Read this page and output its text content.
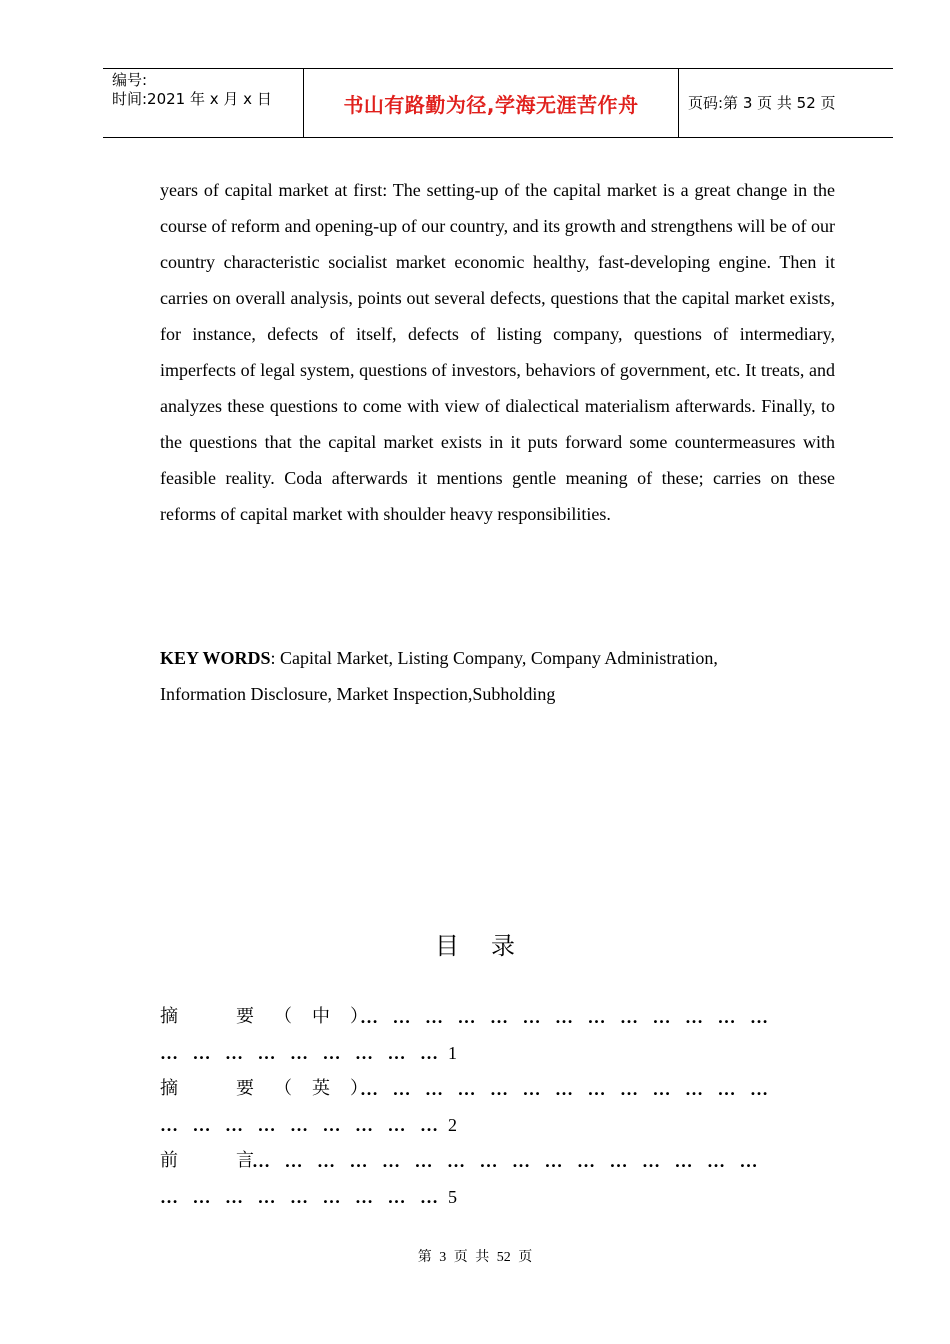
编号:
时间:2021 年 x 月 x 日	书山有路勤为径,学海无涯苦作舟	页码:第 3 页 共 52 页

years of capital market at first: The setting-up of the capital market is a great change in the course of reform and opening-up of our country, and its growth and strengthens will be of our country characteristic socialist market economic healthy, fast-developing engine. Then it carries on overall analysis, points out several defects, questions that the capital market exists, for instance, defects of itself, defects of listing company, questions of intermediary, imperfects of legal system, questions of investors, behaviors of government, etc. It treats, and analyzes these questions to come with view of dialectical materialism afterwards. Finally, to the questions that the capital market exists in it puts forward some countermeasures with feasible reality. Coda afterwards it mentions gentle meaning of these; carries on these reforms of capital market with shoulder heavy responsibilities.

KEY WORDS: Capital Market, Listing Company, Company Administration,
Information Disclosure, Market Inspection,Subholding
目 录
摘　要（中）
… … … … … … … … … … … … …
… … … … … … … … … 1
摘　要（英）
… … … … … … … … … … … … …
… … … … … … … … … 2
前　言
… … … … … … … … … … … … … … … …
… … … … … … … … … 5
第 3 页 共 52 页
